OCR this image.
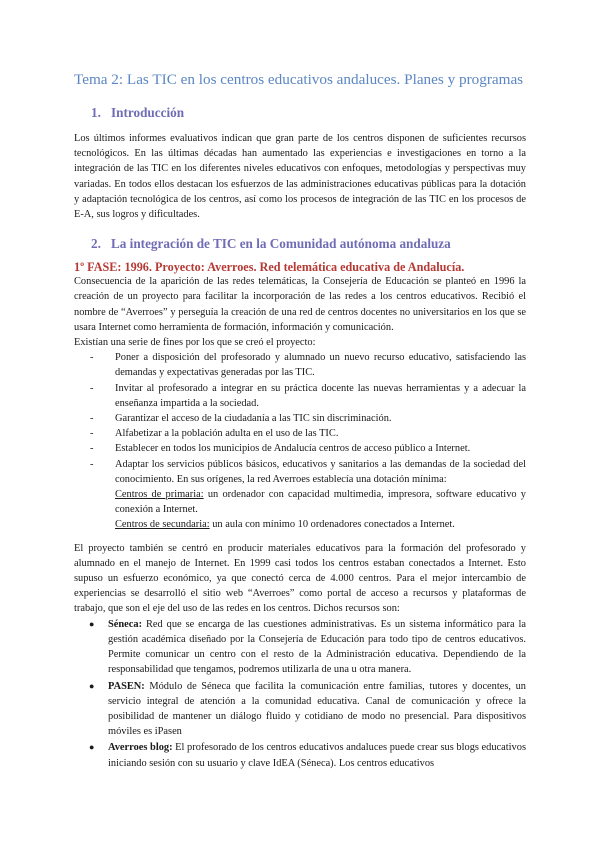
Tema 2: Las TIC en los centros educativos andaluces. Planes y programas
1. Introducción

Los últimos informes evaluativos indican que gran parte de los centros disponen de suficientes recursos tecnológicos. En las últimas décadas han aumentado las experiencias e investigaciones en torno a la integración de las TIC en los diferentes niveles educativos con enfoques, metodologías y perspectivas muy variadas. En todos ellos destacan los esfuerzos de las administraciones educativas públicas para la dotación y adaptación tecnológica de los centros, así como los procesos de integración de las TIC en los procesos de E-A, sus logros y dificultades.

2. La integración de TIC en la Comunidad autónoma andaluza
1º FASE: 1996. Proyecto: Averroes. Red telemática educativa de Andalucía.

Consecuencia de la aparición de las redes telemáticas, la Consejería de Educación se planteó en 1996 la creación de un proyecto para facilitar la incorporación de las redes a los centros educativos. Recibió el nombre de “Averroes” y perseguía la creación de una red de centros docentes no universitarios en los que se usara Internet como herramienta de formación, información y comunicación.

Existían una serie de fines por los que se creó el proyecto:

- Poner a disposición del profesorado y alumnado un nuevo recurso educativo, satisfaciendo las demandas y expectativas generadas por las TIC.
- Invitar al profesorado a integrar en su práctica docente las nuevas herramientas y a adecuar la enseñanza impartida a la sociedad.
- Garantizar el acceso de la ciudadanía a las TIC sin discriminación.
- Alfabetizar a la población adulta en el uso de las TIC.
- Establecer en todos los municipios de Andalucía centros de acceso público a Internet.
- Adaptar los servicios públicos básicos, educativos y sanitarios a las demandas de la sociedad del conocimiento. En sus orígenes, la red Averroes establecía una dotación mínima:
Centros de primaria: un ordenador con capacidad multimedia, impresora, software educativo y conexión a Internet.
Centros de secundaria: un aula con mínimo 10 ordenadores conectados a Internet.

El proyecto también se centró en producir materiales educativos para la formación del profesorado y alumnado en el manejo de Internet. En 1999 casi todos los centros estaban conectados a Internet. Esto supuso un esfuerzo económico, ya que conectó cerca de 4.000 centros. Para el mejor intercambio de experiencias se desarrolló el sitio web “Averroes” como portal de acceso a recursos y plataformas de trabajo, que son el eje del uso de las redes en los centros. Dichos recursos son:

● Séneca: Red que se encarga de las cuestiones administrativas. Es un sistema informático para la gestión académica diseñado por la Consejería de Educación para todo tipo de centros educativos. Permite comunicar un centro con el resto de la Administración educativa. Dependiendo de la responsabilidad que tengamos, podremos utilizarla de una u otra manera.
● PASEN: Módulo de Séneca que facilita la comunicación entre familias, tutores y docentes, un servicio integral de atención a la comunidad educativa. Canal de comunicación y ofrece la posibilidad de mantener un diálogo fluido y cotidiano de modo no presencial. Para dispositivos móviles es iPasen
● Averroes blog: El profesorado de los centros educativos andaluces puede crear sus blogs educativos iniciando sesión con su usuario y clave IdEA (Séneca). Los centros educativos
